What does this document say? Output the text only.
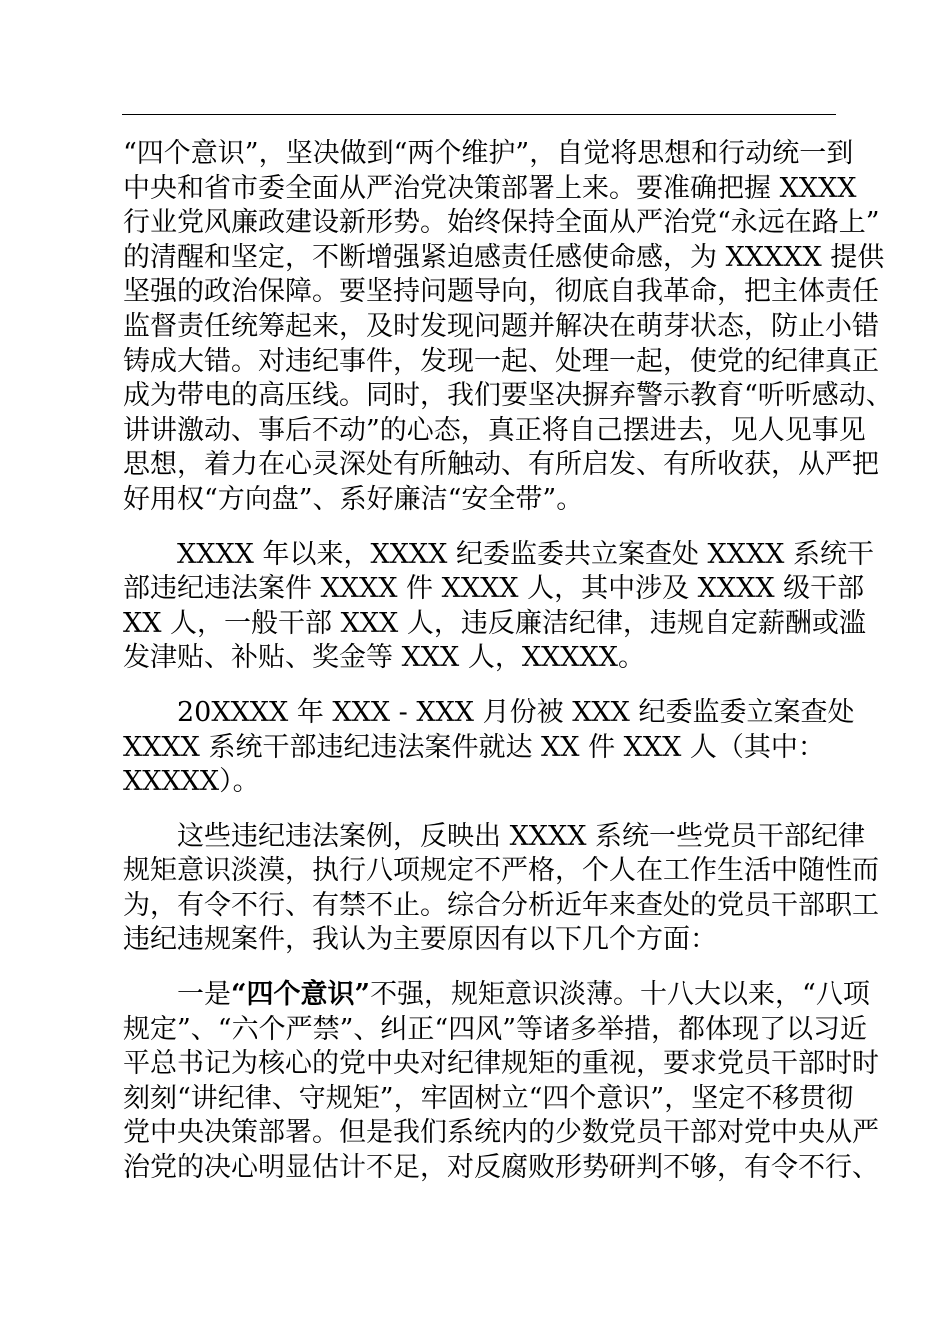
“四个意识”，坚决做到“两个维护”，自觉将思想和行动统一到
中央和省市委全面从严治党决策部署上来。要准确把握 XXXX
行业党风廉政建设新形势。始终保持全面从严治党“永远在路上”
的清醒和坚定，不断增强紧迫感责任感使命感，为 XXXXX 提供
坚强的政治保障。要坚持问题导向，彻底自我革命，把主体责任
监督责任统筹起来，及时发现问题并解决在萌芽状态，防止小错
铸成大错。对违纪事件，发现一起、处理一起，使党的纪律真正
成为带电的高压线。同时，我们要坚决摒弃警示教育“听听感动、
讲讲激动、事后不动”的心态，真正将自己摆进去，见人见事见
思想，着力在心灵深处有所触动、有所启发、有所收获，从严把
好用权“方向盘”、系好廉洁“安全带”。

XXXX 年以来，XXXX 纪委监委共立案查处 XXXX 系统干
部违纪违法案件 XXXX 件 XXXX 人，其中涉及 XXXX 级干部
XX 人，一般干部 XXX 人，违反廉洁纪律，违规自定薪酬或滥
发津贴、补贴、奖金等 XXX 人，XXXXX。

20XXXX 年 XXX - XXX 月份被 XXX 纪委监委立案查处
XXXX 系统干部违纪违法案件就达 XX 件 XXX 人（其中：
XXXXX）。

这些违纪违法案例，反映出 XXXX 系统一些党员干部纪律
规矩意识淡漠，执行八项规定不严格，个人在工作生活中随性而
为，有令不行、有禁不止。综合分析近年来查处的党员干部职工
违纪违规案件，我认为主要原因有以下几个方面：

一是“四个意识”不强，规矩意识淡薄。十八大以来，“八项
规定”、“六个严禁”、纠正“四风”等诸多举措，都体现了以习近
平总书记为核心的党中央对纪律规矩的重视，要求党员干部时时
刻刻“讲纪律、守规矩”，牢固树立“四个意识”，坚定不移贯彻
党中央决策部署。但是我们系统内的少数党员干部对党中央从严
治党的决心明显估计不足，对反腐败形势研判不够，有令不行、
